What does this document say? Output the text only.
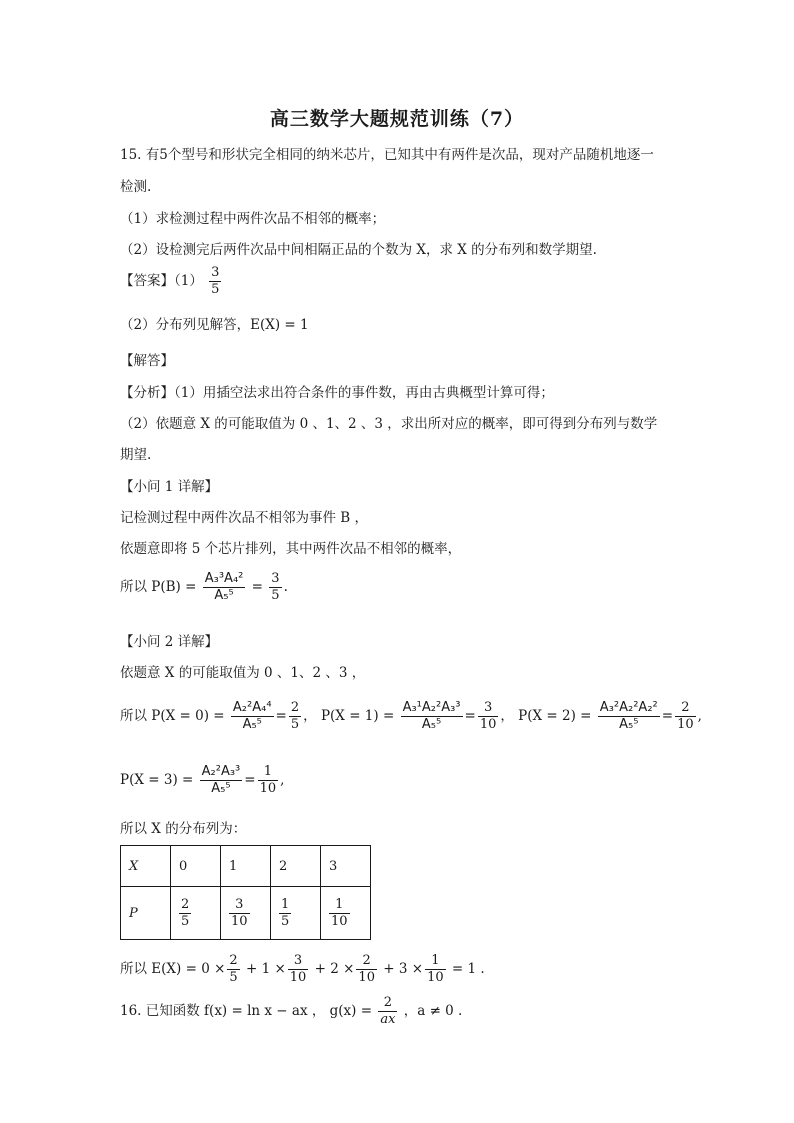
高三数学大题规范训练（7）
15. 有5个型号和形状完全相同的纳米芯片，已知其中有两件是次品，现对产品随机地逐一
检测.
（1）求检测过程中两件次品不相邻的概率；
（2）设检测完后两件次品中间相隔正品的个数为 X，求 X 的分布列和数学期望.
【答案】$(1) \frac{3}{5}$
（2）分布列见解答，E(X) = 1
【解答】
【分析】（1）用插空法求出符合条件的事件数，再由古典概型计算可得；
（2）依题意 X 的可能取值为 0 、1、2 、3 ，求出所对应的概率，即可得到分布列与数学
期望.
【小问 1 详解】
记检测过程中两件次品不相邻为事件 B ，
依题意即将 5 个芯片排列，其中两件次品不相邻的概率，
所以 $P(B) = \frac{\text{A₃³A₄²}}{\text{A₅⁵}} = \frac{3}{5}$ .
【小问 2 详解】
依题意 X 的可能取值为 0 、1、2 、3 ，
所以 $P(X = 0) = \frac{\text{A₂²A₄⁴}}{\text{A₅⁵}} = \frac{2}{5}$ ， $P(X = 1) = \frac{\text{A₃¹A₂²A₃³}}{\text{A₅⁵}} = \frac{3}{10}$ ， $P(X = 2) = \frac{\text{A₃²A₂²A₂²}}{\text{A₅⁵}} = \frac{2}{10}$ ,
$P(X = 3) = \frac{\text{A₂²A₃³}}{\text{A₅⁵}} = \frac{1}{10}$ ,
所以 X 的分布列为：
X	0	1	2	3
P	$\frac{2}{5}$	$\frac{3}{10}$	$\frac{1}{5}$	$\frac{1}{10}$
所以 $E(X) = 0 \times \frac{2}{5} + 1 \times \frac{3}{10} + 2 \times \frac{2}{10} + 3 \times \frac{1}{10} = 1$ .
16. 已知函数 f(x) = ln x − ax ， $g(x) = \frac{2}{ax}$ ，a ≠ 0 .
